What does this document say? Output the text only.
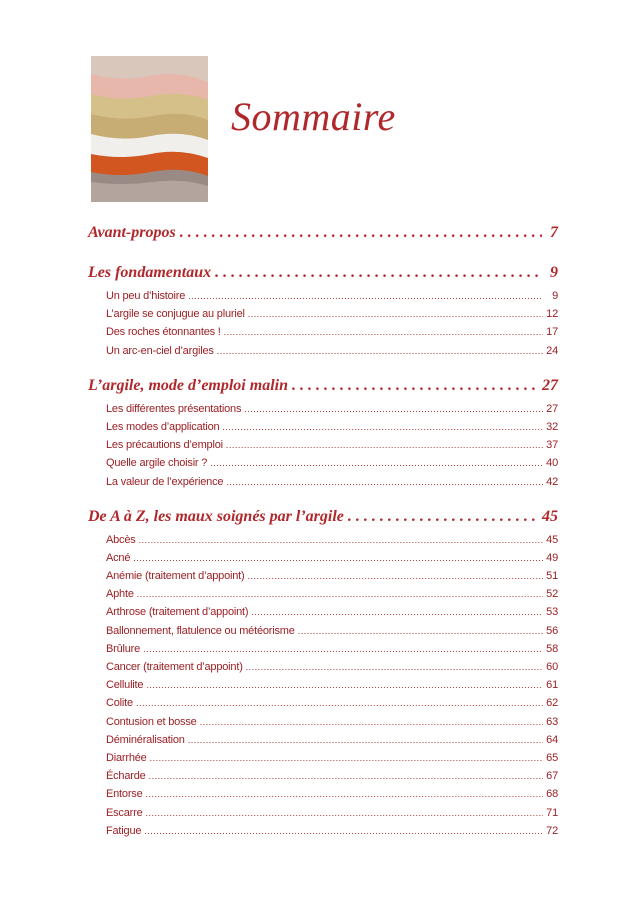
Sommaire
Avant-propos . . .	7
Les fondamentaux . . .	9
Un peu d’histoire .....	9
L’argile se conjugue au pluriel .....	12
Des roches étonnantes ! .....	17
Un arc-en-ciel d’argiles .....	24
L’argile, mode d’emploi malin . . .	27
Les différentes présentations .....	27
Les modes d’application .....	32
Les précautions d’emploi .....	37
Quelle argile choisir ? .....	40
La valeur de l’expérience .....	42
De A à Z, les maux soignés par l’argile . . .	45
Abcès .....	45
Acné .....	49
Anémie (traitement d’appoint) .....	51
Aphte .....	52
Arthrose (traitement d’appoint) .....	53
Ballonnement, flatulence ou météorisme .....	56
Brûlure .....	58
Cancer (traitement d’appoint) .....	60
Cellulite .....	61
Colite .....	62
Contusion et bosse .....	63
Déminéralisation .....	64
Diarrhée .....	65
Écharde .....	67
Entorse .....	68
Escarre .....	71
Fatigue .....	72
